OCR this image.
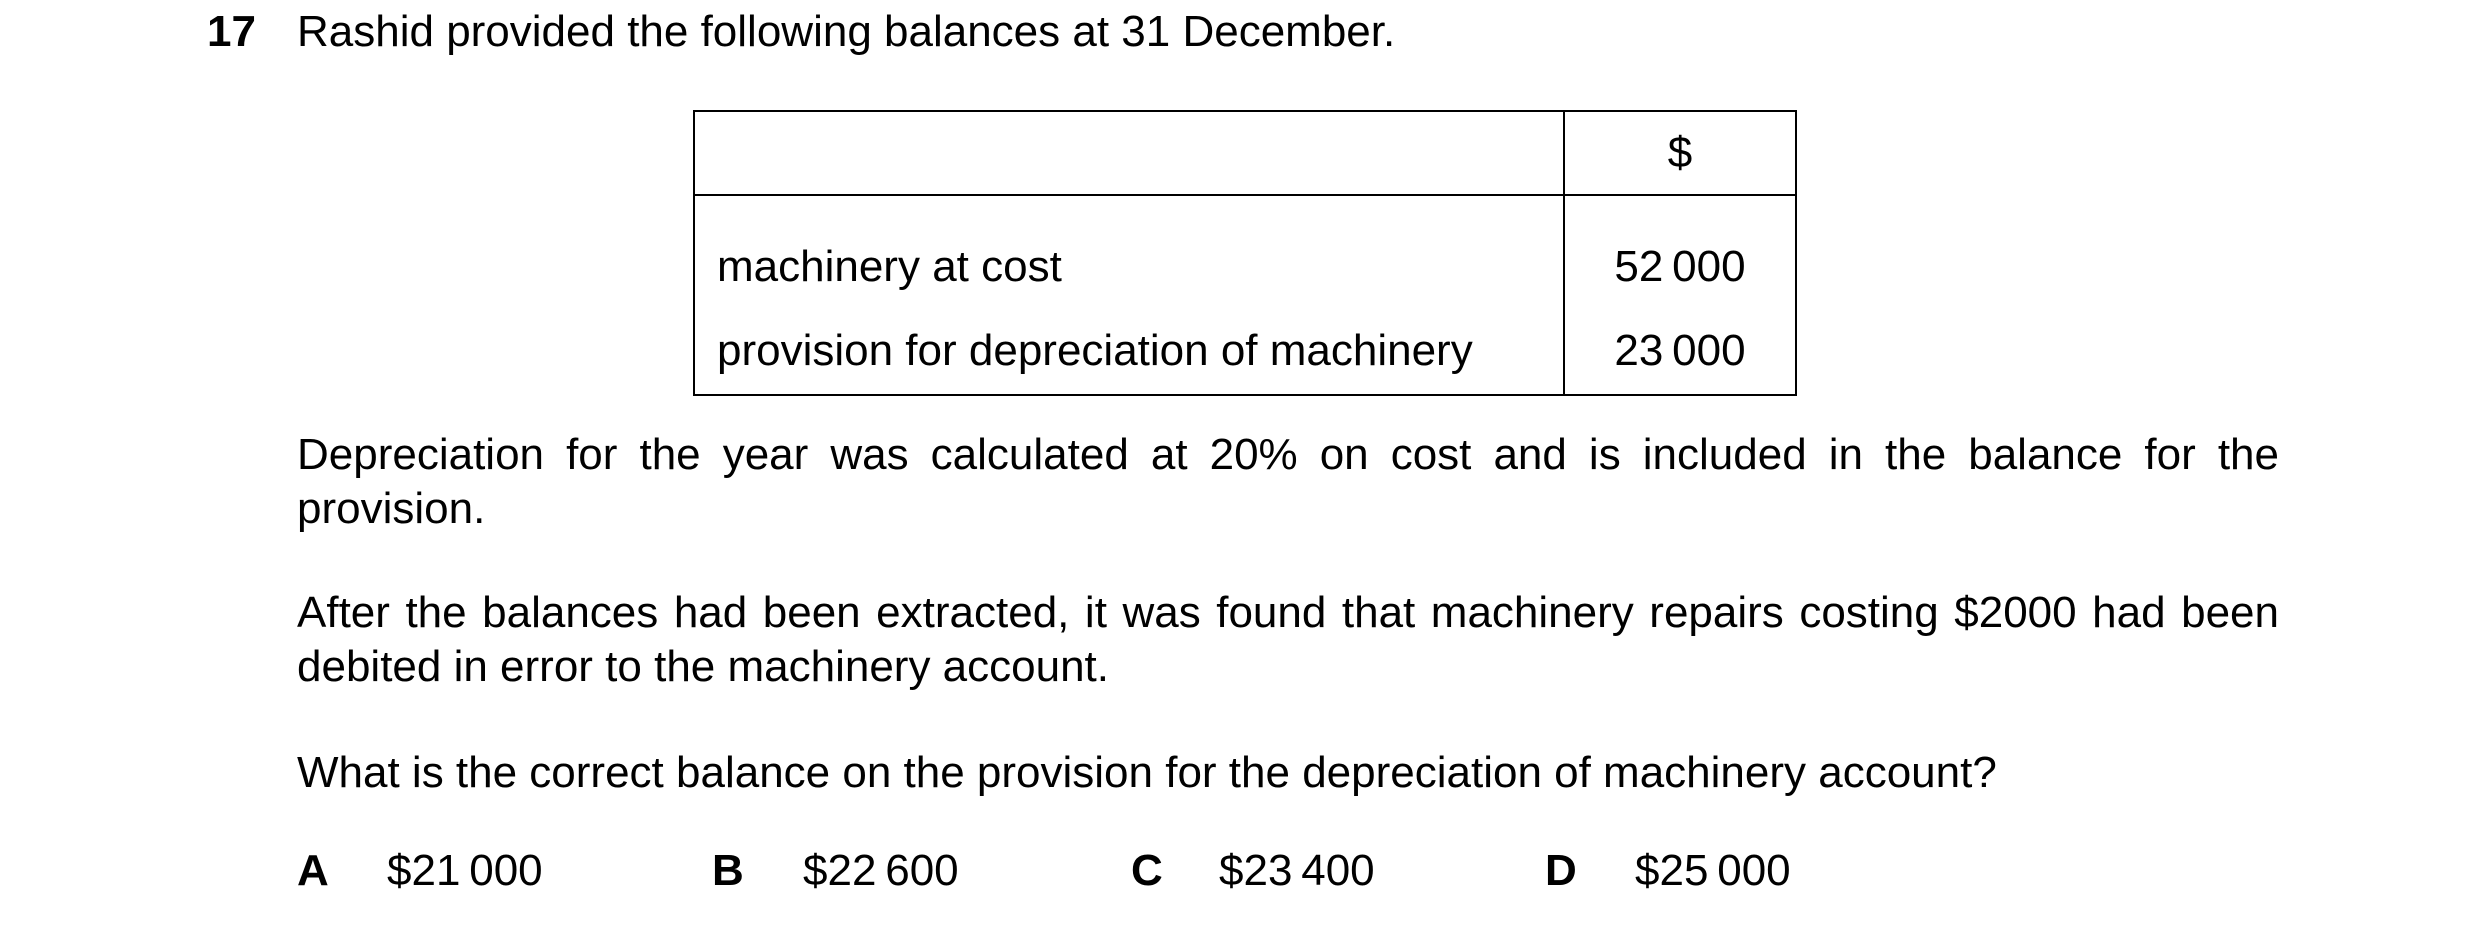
17 Rashid provided the following balances at 31 December.
	$
machinery at cost	52 000
provision for depreciation of machinery	23 000
Depreciation for the year was calculated at 20% on cost and is included in the balance for the provision.
After the balances had been extracted, it was found that machinery repairs costing $2000 had been debited in error to the machinery account.
What is the correct balance on the provision for the depreciation of machinery account?
A $21 000	B $22 600	C $23 400	D $25 000
